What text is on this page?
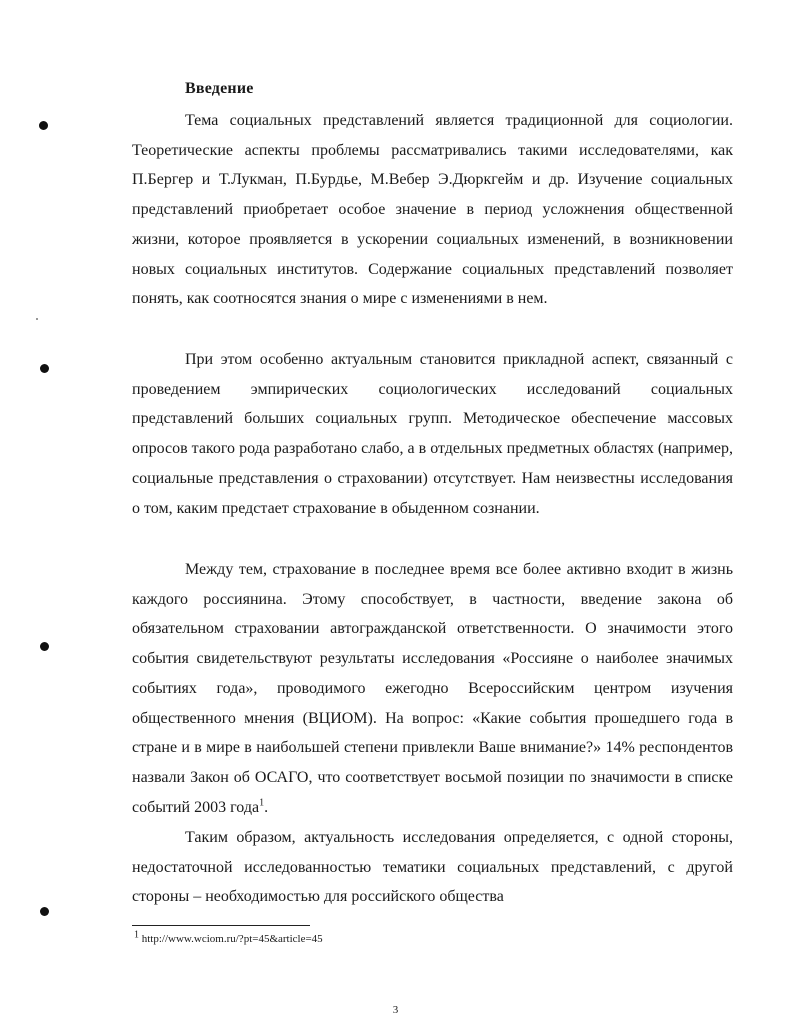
Введение

Тема социальных представлений является традиционной для социологии. Теоретические аспекты проблемы рассматривались такими исследователями, как П.Бергер и Т.Лукман, П.Бурдье, М.Вебер Э.Дюркгейм и др. Изучение социальных представлений приобретает особое значение в период усложнения общественной жизни, которое проявляется в ускорении социальных изменений, в возникновении новых социальных институтов. Содержание социальных представлений позволяет понять, как соотносятся знания о мире с изменениями в нем.

При этом особенно актуальным становится прикладной аспект, связанный с проведением эмпирических социологических исследований социальных представлений больших социальных групп. Методическое обеспечение массовых опросов такого рода разработано слабо, а в отдельных предметных областях (например, социальные представления о страховании) отсутствует. Нам неизвестны исследования о том, каким предстает страхование в обыденном сознании.

Между тем, страхование в последнее время все более активно входит в жизнь каждого россиянина. Этому способствует, в частности, введение закона об обязательном страховании автогражданской ответственности. О значимости этого события свидетельствуют результаты исследования «Россияне о наиболее значимых событиях года», проводимого ежегодно Всероссийским центром изучения общественного мнения (ВЦИОМ). На вопрос: «Какие события прошедшего года в стране и в мире в наибольшей степени привлекли Ваше внимание?» 14% респондентов назвали Закон об ОСАГО, что соответствует восьмой позиции по значимости в списке событий 2003 года$^1$.

Таким образом, актуальность исследования определяется, с одной стороны, недостаточной исследованностью тематики социальных представлений, с другой стороны – необходимостью для российского общества

$^1$ http://www.wciom.ru/?pt=45&article=45
3
